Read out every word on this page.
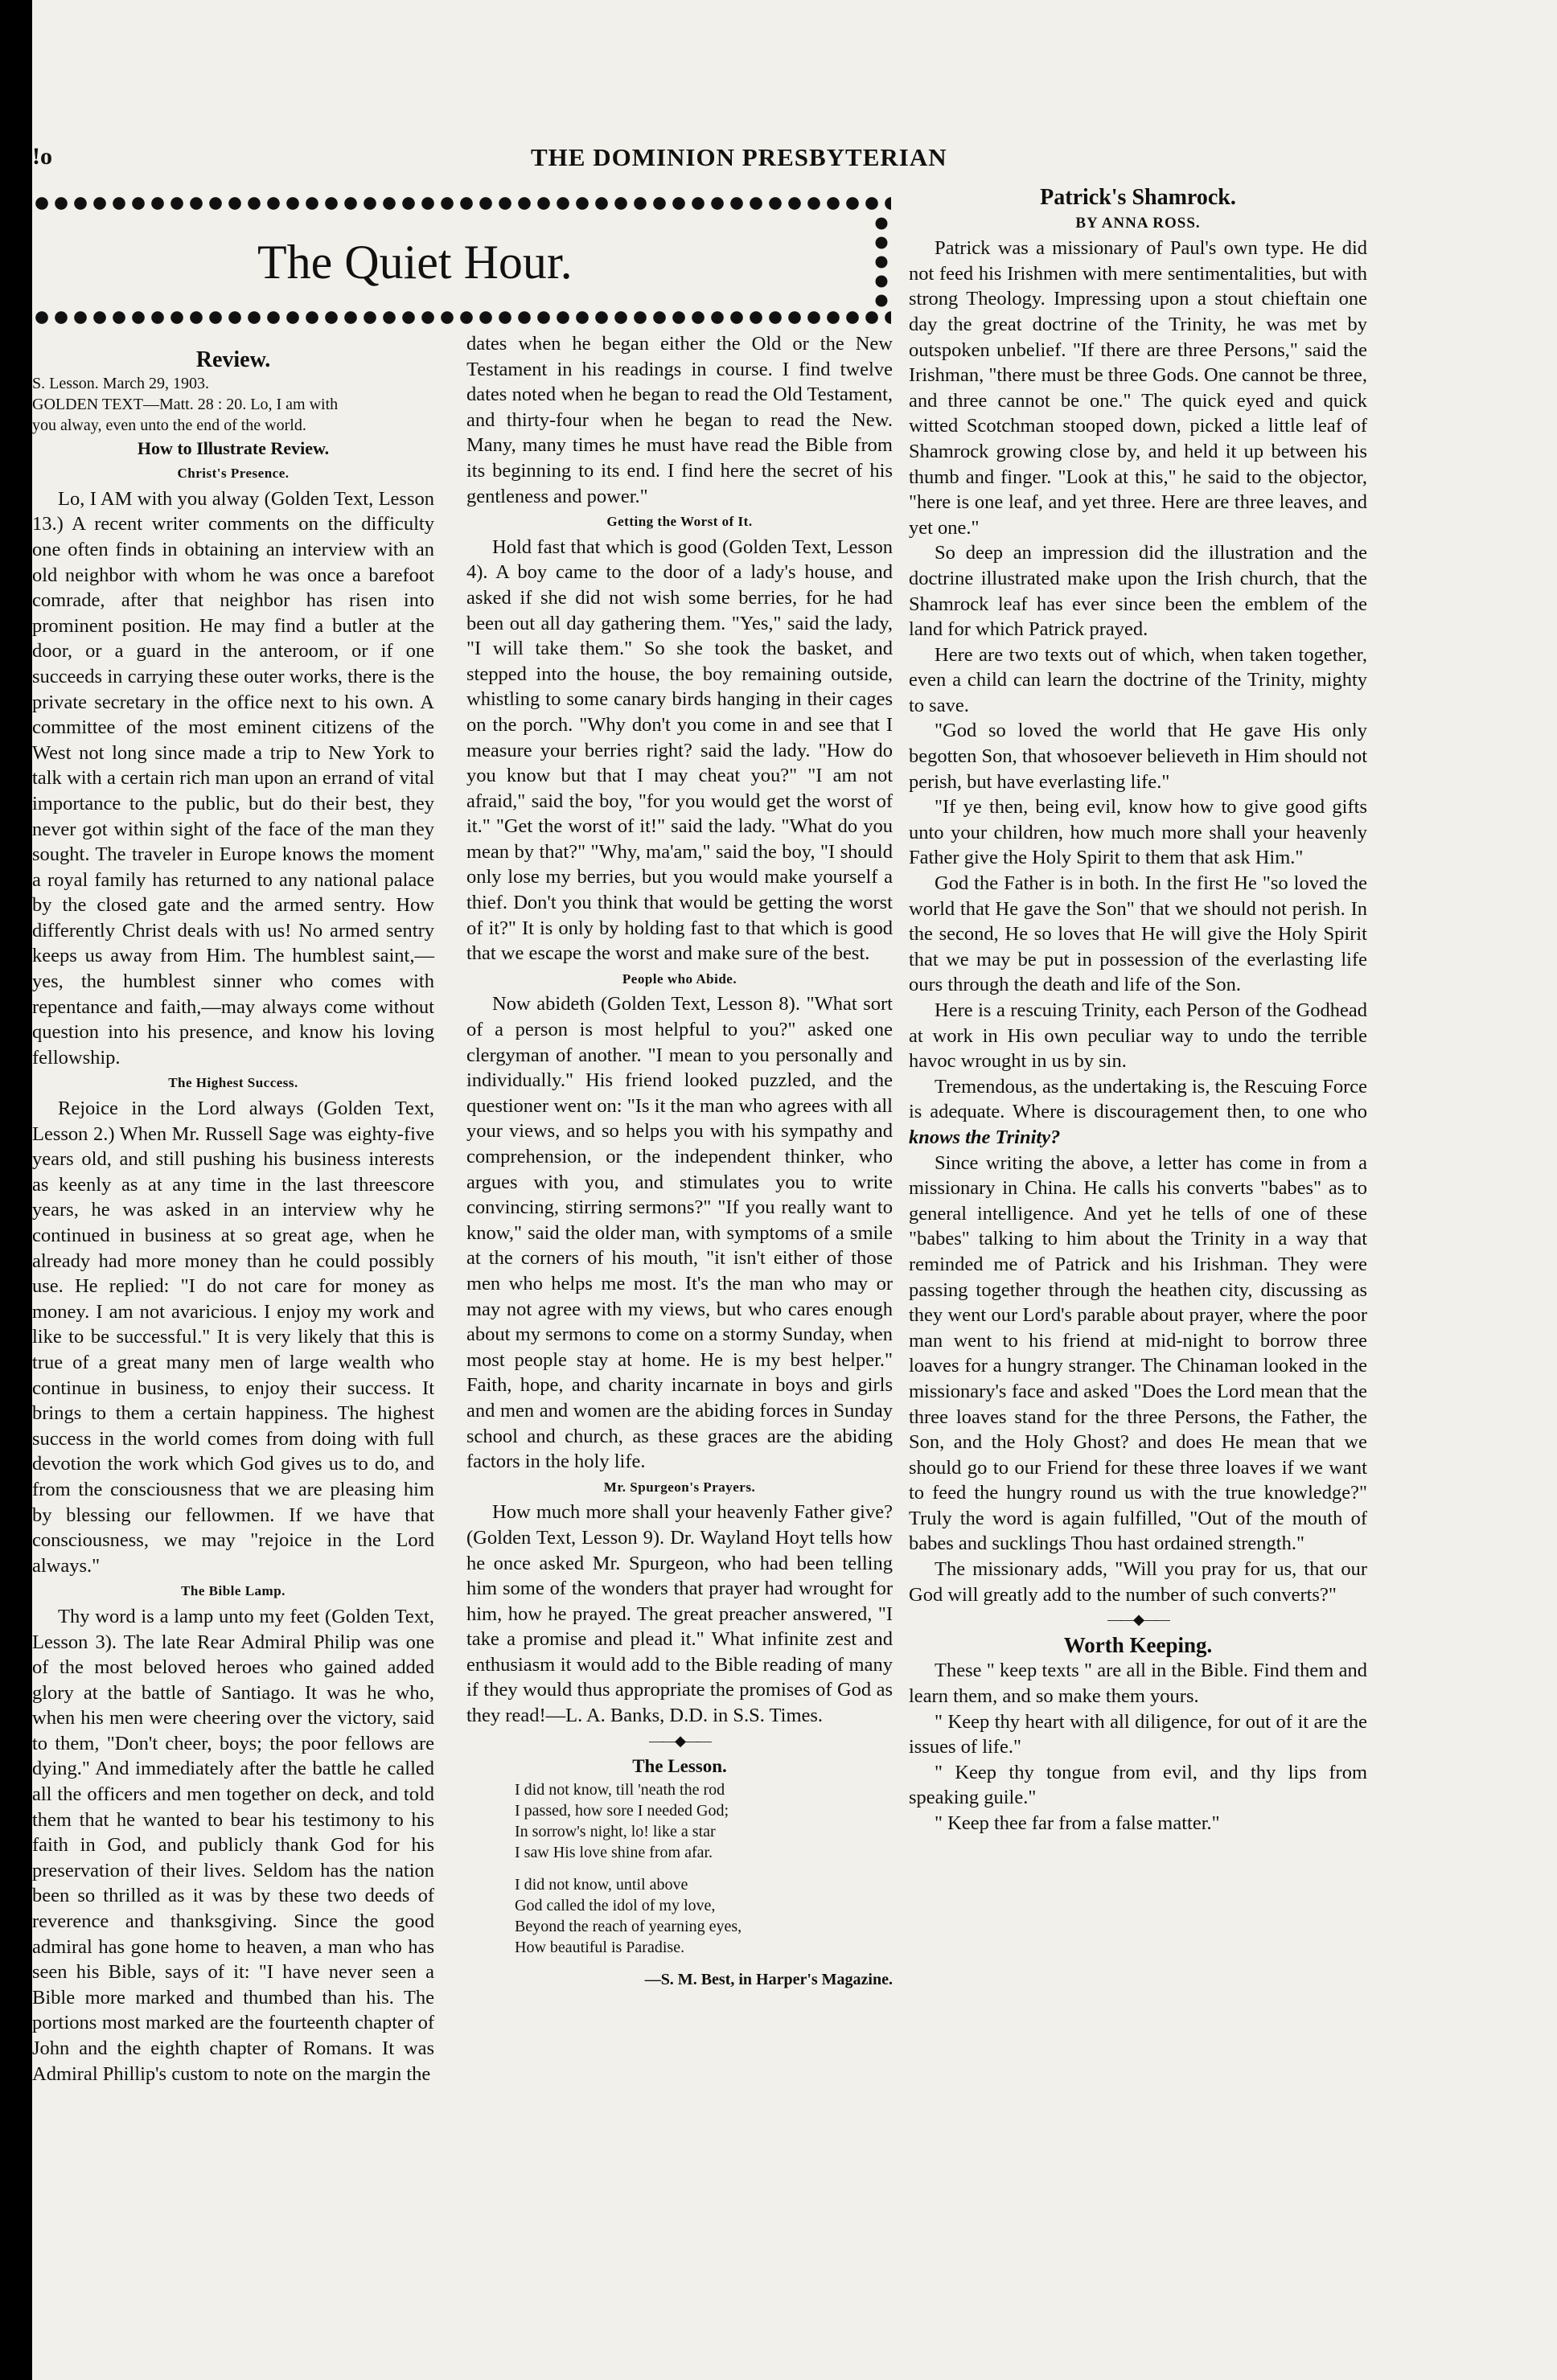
!o	THE DOMINION PRESBYTERIAN
The Quiet Hour.

Review.

S. Lesson. March 29, 1903.

GOLDEN TEXT—Matt. 28 : 20. Lo, I am with

you alway, even unto the end of the world.

How to Illustrate Review.

Christ's Presence.

Lo, I AM with you alway (Golden Text, Lesson 13.) A recent writer comments on the difficulty one often finds in obtaining an interview with an old neighbor with whom he was once a barefoot comrade, after that neighbor has risen into prominent position. He may find a butler at the door, or a guard in the anteroom, or if one succeeds in carrying these outer works, there is the private secretary in the office next to his own. A committee of the most eminent citizens of the West not long since made a trip to New York to talk with a certain rich man upon an errand of vital importance to the public, but do their best, they never got within sight of the face of the man they sought. The traveler in Europe knows the moment a royal family has returned to any national palace by the closed gate and the armed sentry. How differently Christ deals with us! No armed sentry keeps us away from Him. The humblest saint,—yes, the humblest sinner who comes with repentance and faith,—may always come without question into his presence, and know his loving fellowship.

The Highest Success.

Rejoice in the Lord always (Golden Text, Lesson 2.) When Mr. Russell Sage was eighty-five years old, and still pushing his business interests as keenly as at any time in the last threescore years, he was asked in an interview why he continued in business at so great age, when he already had more money than he could possibly use. He replied: "I do not care for money as money. I am not avaricious. I enjoy my work and like to be successful." It is very likely that this is true of a great many men of large wealth who continue in business, to enjoy their success. It brings to them a certain happiness. The highest success in the world comes from doing with full devotion the work which God gives us to do, and from the consciousness that we are pleasing him by blessing our fellowmen. If we have that consciousness, we may "rejoice in the Lord always."

The Bible Lamp.

Thy word is a lamp unto my feet (Golden Text, Lesson 3). The late Rear Admiral Philip was one of the most beloved heroes who gained added glory at the battle of Santiago. It was he who, when his men were cheering over the victory, said to them, "Don't cheer, boys; the poor fellows are dying." And immediately after the battle he called all the officers and men together on deck, and told them that he wanted to bear his testimony to his faith in God, and publicly thank God for his preservation of their lives. Seldom has the nation been so thrilled as it was by these two deeds of reverence and thanksgiving. Since the good admiral has gone home to heaven, a man who has seen his Bible, says of it: "I have never seen a Bible more marked and thumbed than his. The portions most marked are the fourteenth chapter of John and the eighth chapter of Romans. It was Admiral Phillip's custom to note on the margin the

dates when he began either the Old or the New Testament in his readings in course. I find twelve dates noted when he began to read the Old Testament, and thirty-four when he began to read the New. Many, many times he must have read the Bible from its beginning to its end. I find here the secret of his gentleness and power."

Getting the Worst of It.

Hold fast that which is good (Golden Text, Lesson 4). A boy came to the door of a lady's house, and asked if she did not wish some berries, for he had been out all day gathering them. "Yes," said the lady, "I will take them." So she took the basket, and stepped into the house, the boy remaining outside, whistling to some canary birds hanging in their cages on the porch. "Why don't you come in and see that I measure your berries right? said the lady. "How do you know but that I may cheat you?" "I am not afraid," said the boy, "for you would get the worst of it." "Get the worst of it!" said the lady. "What do you mean by that?" "Why, ma'am," said the boy, "I should only lose my berries, but you would make yourself a thief. Don't you think that would be getting the worst of it?" It is only by holding fast to that which is good that we escape the worst and make sure of the best.

People who Abide.

Now abideth (Golden Text, Lesson 8). "What sort of a person is most helpful to you?" asked one clergyman of another. "I mean to you personally and individually." His friend looked puzzled, and the questioner went on: "Is it the man who agrees with all your views, and so helps you with his sympathy and comprehension, or the independent thinker, who argues with you, and stimulates you to write convincing, stirring sermons?" "If you really want to know," said the older man, with symptoms of a smile at the corners of his mouth, "it isn't either of those men who helps me most. It's the man who may or may not agree with my views, but who cares enough about my sermons to come on a stormy Sunday, when most people stay at home. He is my best helper." Faith, hope, and charity incarnate in boys and girls and men and women are the abiding forces in Sunday school and church, as these graces are the abiding factors in the holy life.

Mr. Spurgeon's Prayers.

How much more shall your heavenly Father give? (Golden Text, Lesson 9). Dr. Wayland Hoyt tells how he once asked Mr. Spurgeon, who had been telling him some of the wonders that prayer had wrought for him, how he prayed. The great preacher answered, "I take a promise and plead it." What infinite zest and enthusiasm it would add to the Bible reading of many if they would thus appropriate the promises of God as they read!—L. A. Banks, D.D. in S.S. Times.

——◆——

The Lesson.

I did not know, till 'neath the rod

I passed, how sore I needed God;

In sorrow's night, lo! like a star

I saw His love shine from afar.

I did not know, until above

God called the idol of my love,

Beyond the reach of yearning eyes,

How beautiful is Paradise.

—S. M. Best, in Harper's Magazine.

Patrick's Shamrock.

BY ANNA ROSS.

Patrick was a missionary of Paul's own type. He did not feed his Irishmen with mere sentimentalities, but with strong Theology. Impressing upon a stout chieftain one day the great doctrine of the Trinity, he was met by outspoken unbelief. "If there are three Persons," said the Irishman, "there must be three Gods. One cannot be three, and three cannot be one." The quick eyed and quick witted Scotchman stooped down, picked a little leaf of Shamrock growing close by, and held it up between his thumb and finger. "Look at this," he said to the objector, "here is one leaf, and yet three. Here are three leaves, and yet one."

So deep an impression did the illustration and the doctrine illustrated make upon the Irish church, that the Shamrock leaf has ever since been the emblem of the land for which Patrick prayed.

Here are two texts out of which, when taken together, even a child can learn the doctrine of the Trinity, mighty to save.

"God so loved the world that He gave His only begotten Son, that whosoever believeth in Him should not perish, but have everlasting life."

"If ye then, being evil, know how to give good gifts unto your children, how much more shall your heavenly Father give the Holy Spirit to them that ask Him."

God the Father is in both. In the first He "so loved the world that He gave the Son" that we should not perish. In the second, He so loves that He will give the Holy Spirit that we may be put in possession of the everlasting life ours through the death and life of the Son.

Here is a rescuing Trinity, each Person of the Godhead at work in His own peculiar way to undo the terrible havoc wrought in us by sin.

Tremendous, as the undertaking is, the Rescuing Force is adequate. Where is discouragement then, to one who knows the Trinity?

Since writing the above, a letter has come in from a missionary in China. He calls his converts "babes" as to general intelligence. And yet he tells of one of these "babes" talking to him about the Trinity in a way that reminded me of Patrick and his Irishman. They were passing together through the heathen city, discussing as they went our Lord's parable about prayer, where the poor man went to his friend at mid-night to borrow three loaves for a hungry stranger. The Chinaman looked in the missionary's face and asked "Does the Lord mean that the three loaves stand for the three Persons, the Father, the Son, and the Holy Ghost? and does He mean that we should go to our Friend for these three loaves if we want to feed the hungry round us with the true knowledge?" Truly the word is again fulfilled, "Out of the mouth of babes and sucklings Thou hast ordained strength."

The missionary adds, "Will you pray for us, that our God will greatly add to the number of such converts?"

——◆——

Worth Keeping.

These " keep texts " are all in the Bible. Find them and learn them, and so make them yours.

" Keep thy heart with all diligence, for out of it are the issues of life."

" Keep thy tongue from evil, and thy lips from speaking guile."

" Keep thee far from a false matter."
